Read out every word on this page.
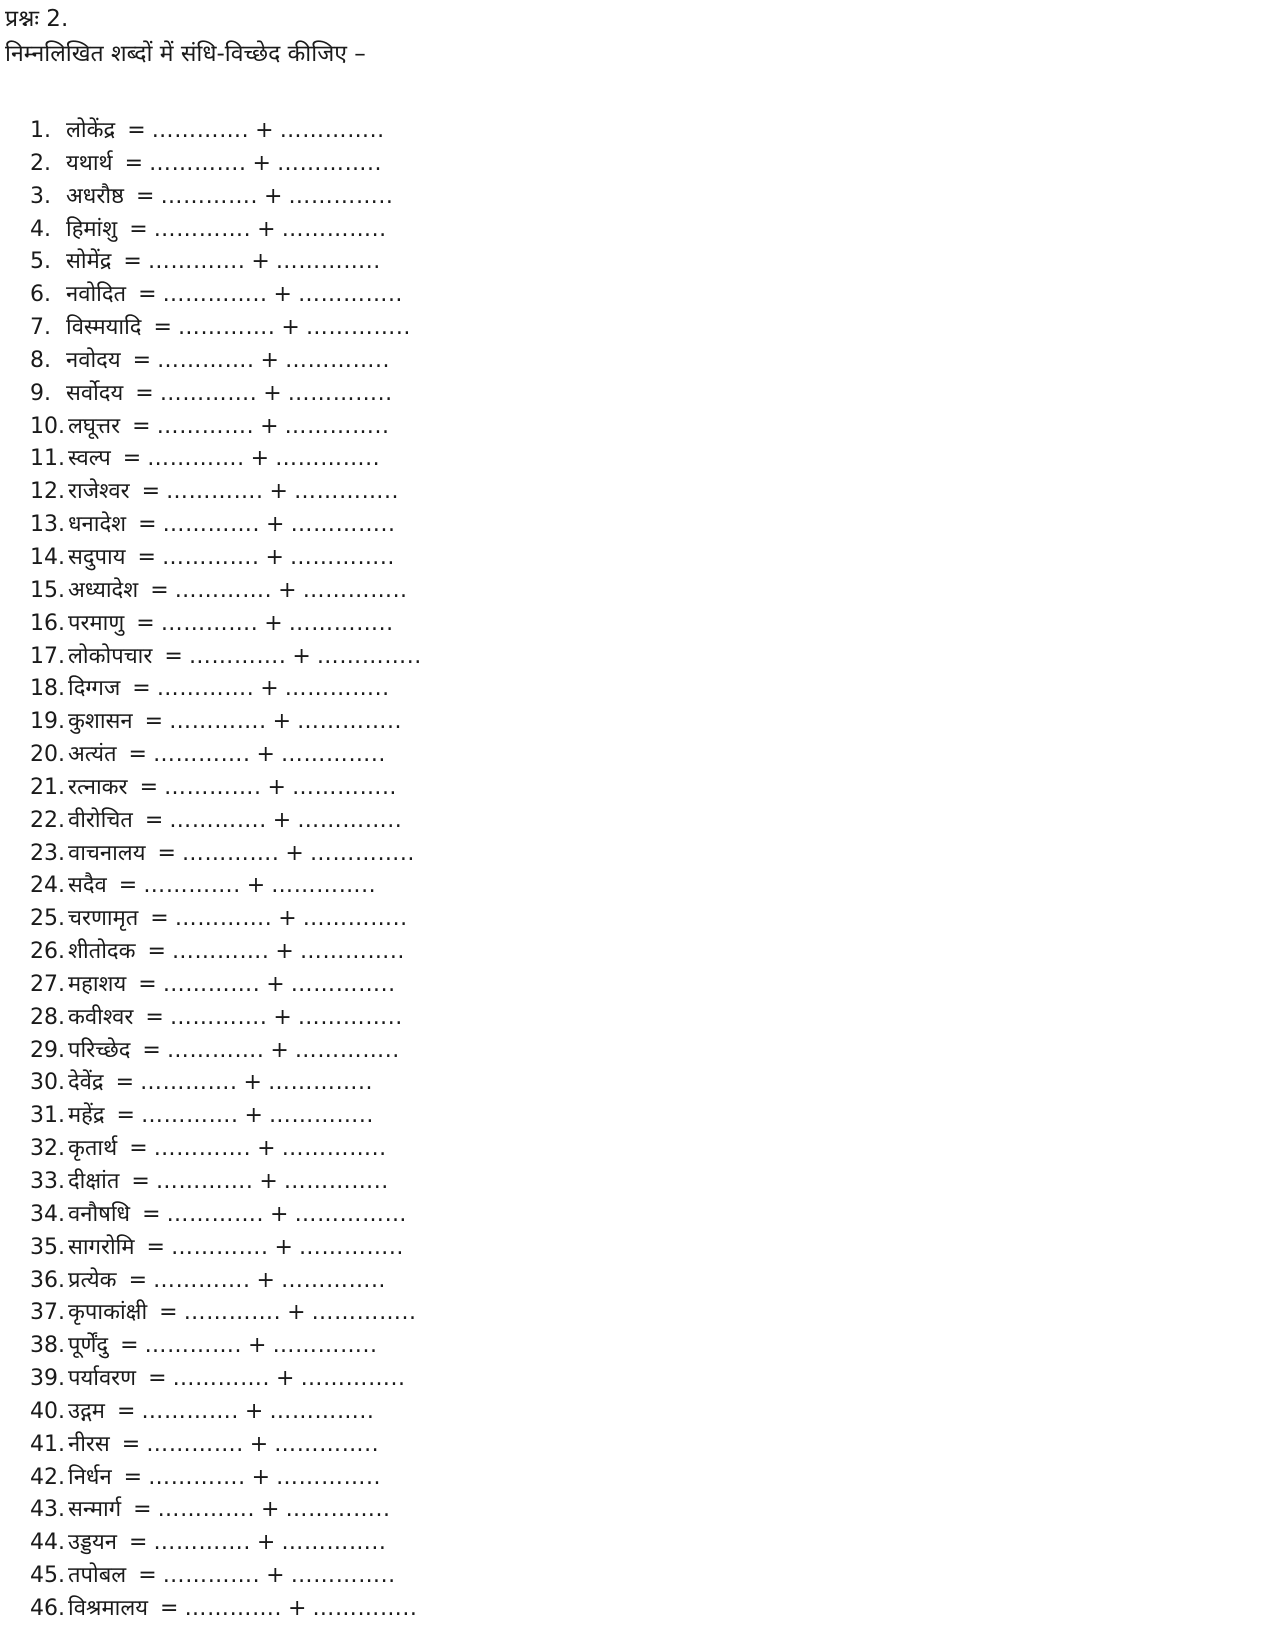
प्रश्नः 2.
निम्नलिखित शब्दों में संधि-विच्छेद कीजिए –
1. लोकेंद्र = …………. + …………..
2. यथार्थ = …………. + …………..
3. अधरौष्ठ = …………. + …………..
4. हिमांशु = …………. + …………..
5. सोमेंद्र = …………. + …………..
6. नवोदित = ………….. + …………..
7. विस्मयादि = …………. + …………..
8. नवोदय = …………. + …………..
9. सर्वोदय = …………. + …………..
10. लघूत्तर = …………. + …………..
11. स्वल्प = …………. + …………..
12. राजेश्वर = …………. + …………..
13. धनादेश = …………. + …………..
14. सदुपाय = …………. + …………..
15. अध्यादेश = …………. + …………..
16. परमाणु = …………. + …………..
17. लोकोपचार = …………. + …………..
18. दिग्गज = …………. + …………..
19. कुशासन = …………. + …………..
20. अत्यंत = …………. + …………..
21. रत्नाकर = …………. + …………..
22. वीरोचित = …………. + …………..
23. वाचनालय = …………. + …………..
24. सदैव = …………. + …………..
25. चरणामृत = …………. + …………..
26. शीतोदक = …………. + …………..
27. महाशय = …………. + …………..
28. कवीश्वर = …………. + …………..
29. परिच्छेद = …………. + …………..
30. देवेंद्र = …………. + …………..
31. महेंद्र = …………. + …………..
32. कृतार्थ = …………. + …………..
33. दीक्षांत = …………. + …………..
34. वनौषधि = …………. + ……………
35. सागरोमि = …………. + …………..
36. प्रत्येक = …………. + …………..
37. कृपाकांक्षी = …………. + …………..
38. पूर्णेंदु = …………. + …………..
39. पर्यावरण = …………. + …………..
40. उद्गम = …………. + …………..
41. नीरस = …………. + …………..
42. निर्धन = …………. + …………..
43. सन्मार्ग = …………. + …………..
44. उड्डयन = …………. + …………..
45. तपोबल = …………. + …………..
46. विश्रमालय = …………. + …………..
